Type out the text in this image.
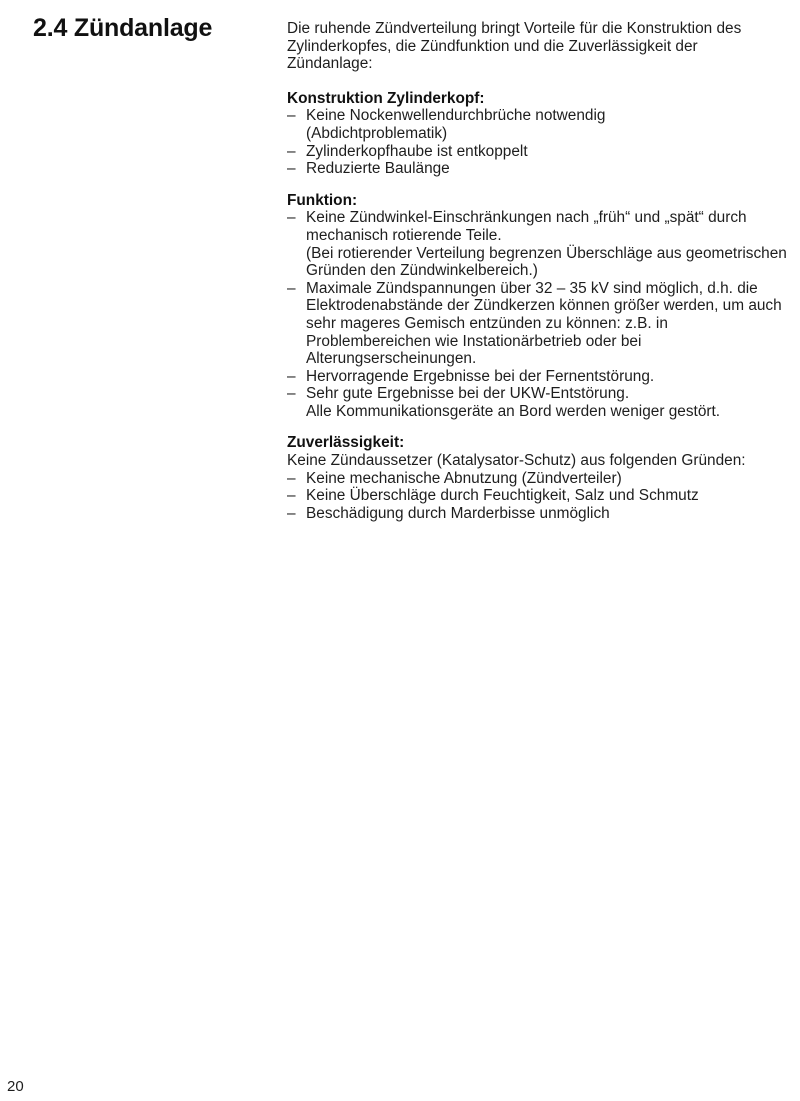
2.4 Zündanlage	Die ruhende Zündverteilung bringt Vorteile für die Konstruktion des Zylinderkopfes, die Zündfunktion und die Zuverlässigkeit der Zündanlage:

Konstruktion Zylinderkopf:

– Keine Nockenwellendurchbrüche notwendig
(Abdichtproblematik)
– Zylinderkopfhaube ist entkoppelt
– Reduzierte Baulänge

Funktion:

– Keine Zündwinkel-Einschränkungen nach „früh“ und „spät“ durch mechanisch rotierende Teile.
(Bei rotierender Verteilung begrenzen Überschläge aus geometrischen Gründen den Zündwinkelbereich.)
– Maximale Zündspannungen über 32 – 35 kV sind möglich, d.h. die Elektrodenabstände der Zündkerzen können größer werden, um auch sehr mageres Gemisch entzünden zu können: z.B. in Problembereichen wie Instationärbetrieb oder bei Alterungserscheinungen.
– Hervorragende Ergebnisse bei der Fernentstörung.
– Sehr gute Ergebnisse bei der UKW-Entstörung.
Alle Kommunikationsgeräte an Bord werden weniger gestört.

Zuverlässigkeit:

Keine Zündaussetzer (Katalysator-Schutz) aus folgenden Gründen:

– Keine mechanische Abnutzung (Zündverteiler)
– Keine Überschläge durch Feuchtigkeit, Salz und Schmutz
– Beschädigung durch Marderbisse unmöglich

20
